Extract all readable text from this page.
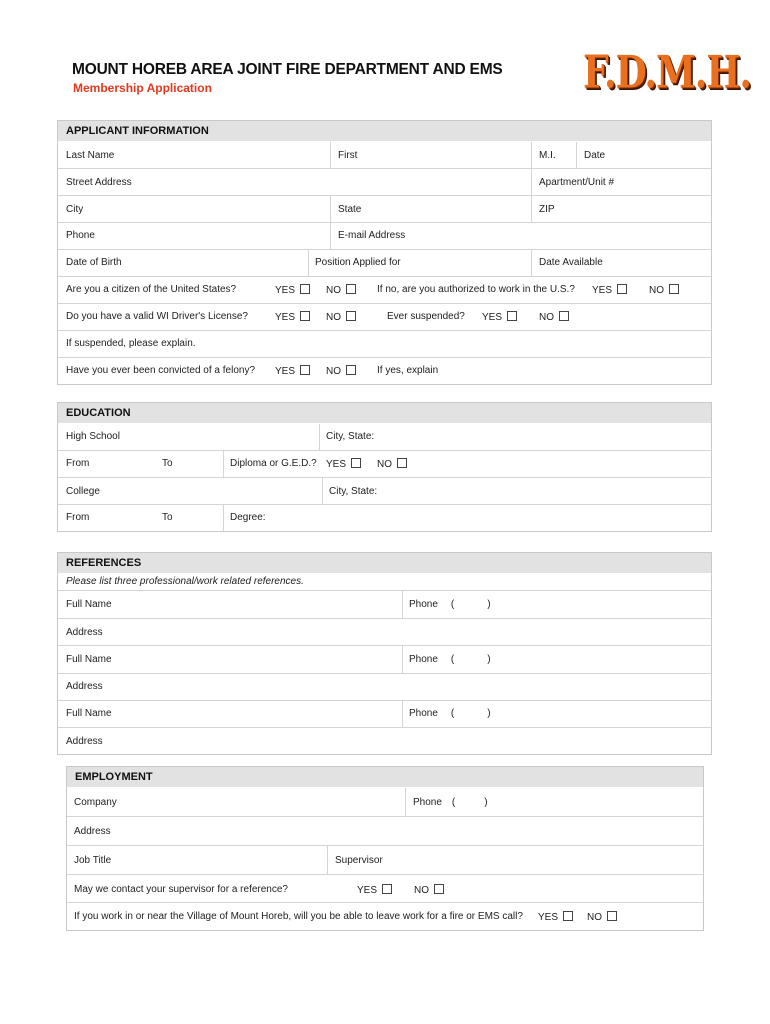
MOUNT HOREB AREA JOINT FIRE DEPARTMENT AND EMS
Membership Application	F.D.M.H.
APPLICANT INFORMATION
Last Name	First	M.I.	Date
Street Address	Apartment/Unit #
City	State	ZIP
Phone	E-mail Address
Date of Birth	Position Applied for	Date Available
Are you a citizen of the United States?	YES	NO	If no, are you authorized to work in the U.S.? YES	NO
Do you have a valid WI Driver's License?	YES	NO	Ever suspended? YES	NO
If suspended, please explain.
Have you ever been convicted of a felony? YES	NO	If yes, explain
EDUCATION
High School	City, State:
From	To	Diploma or G.E.D.? YES	NO
College	City, State:
From	To	Degree:
REFERENCES
Please list three professional/work related references.
Full Name	Phone (	)
Address
Full Name	Phone (	)
Address
Full Name	Phone (	)
Address
EMPLOYMENT
Company	Phone (	)
Address
Job Title	Supervisor
May we contact your supervisor for a reference?	YES	NO
If you work in or near the Village of Mount Horeb, will you be able to leave work for a fire or EMS call? YES	NO
